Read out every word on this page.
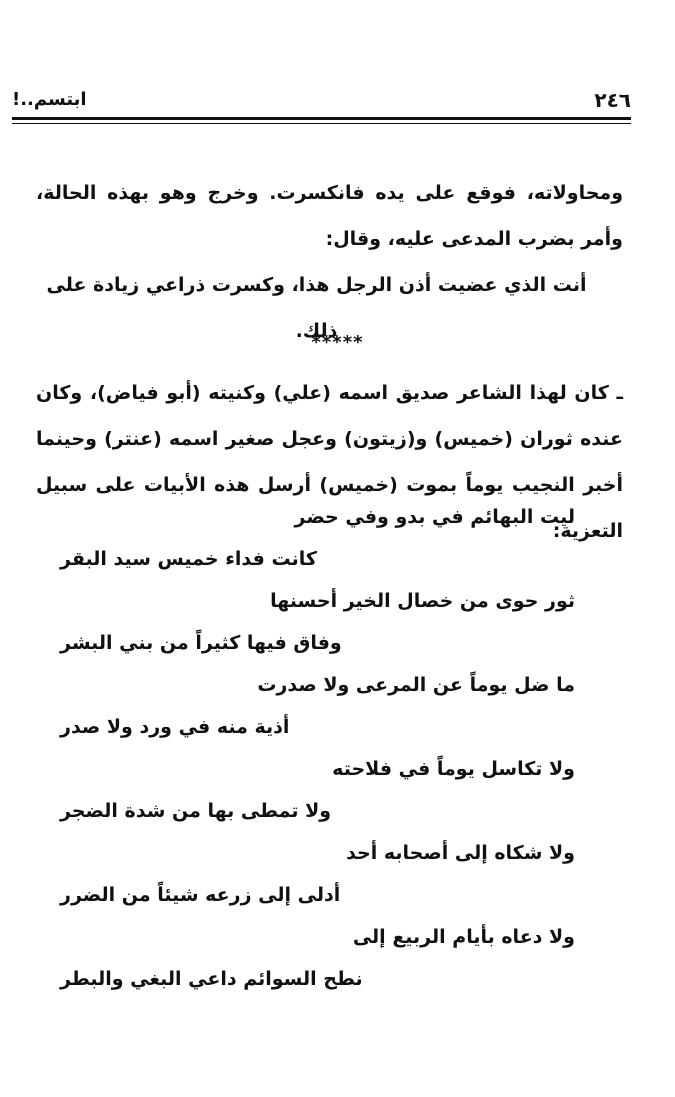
٢٤٦
ابتسم..!

ومحاولاته، فوقع على يده فانكسرت. وخرج وهو بهذه الحالة، وأمر بضرب المدعى عليه، وقال:

أنت الذي عضيت أذن الرجل هذا، وكسرت ذراعي زيادة على ذلك.

*****

ـ كان لهذا الشاعر صديق اسمه (علي) وكنيته (أبو فياض)، وكان عنده ثوران (خميس) و(زيتون) وعجل صغير اسمه (عنتر) وحينما أخبر النجيب يوماً بموت (خميس) أرسل هذه الأبيات على سبيل التعزية:

ليت البهائم في بدو وفي حضر
كانت فداء خميس سيد البقر
ثور حوى من خصال الخير أحسنها
وفاق فيها كثيراً من بني البشر
ما ضل يوماً عن المرعى ولا صدرت
أذية منه في ورد ولا صدر
ولا تكاسل يوماً في فلاحته
ولا تمطى بها من شدة الضجر
ولا شكاه إلى أصحابه أحد
أدلى إلى زرعه شيئاً من الضرر
ولا دعاه بأيام الربيع إلى
نطح السوائم داعي البغي والبطر
